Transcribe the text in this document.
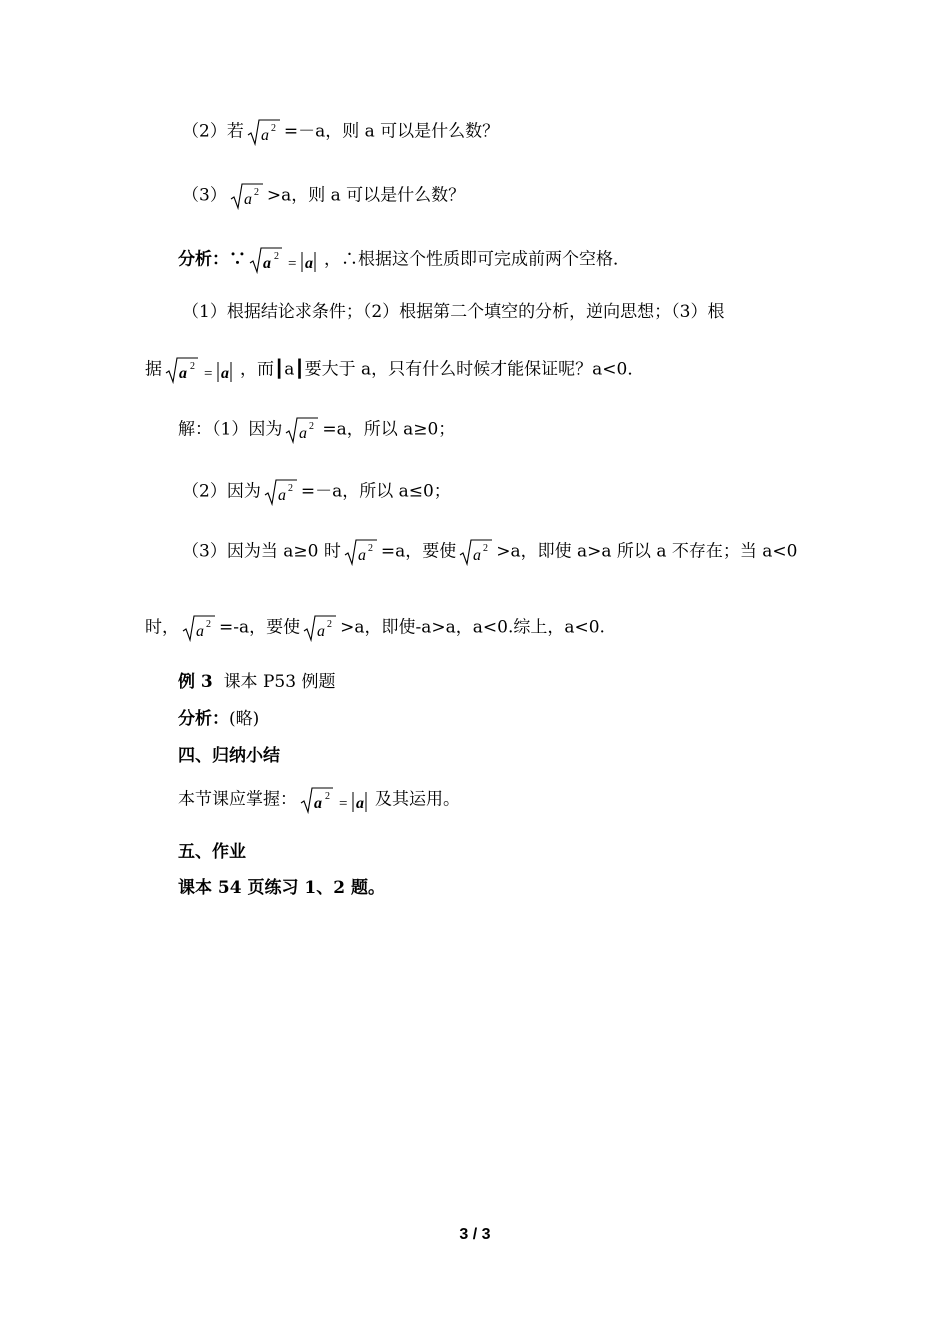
（2）若 a 2 =－a，则 a 可以是什么数？
（3） a 2 >a，则 a 可以是什么数？
分析：∵ a 2 = a ，∴根据这个性质即可完成前两个空格．
（1）根据结论求条件；（2）根据第二个填空的分析，逆向思想；（3）根
据 a 2 = a ，而┃a┃要大于 a，只有什么时候才能保证呢？a<0．
解：（1）因为 a 2 =a，所以 a≥0；
（2）因为 a 2 =－a，所以 a≤0；
（3）因为当 a≥0 时 a 2 =a，要使 a 2 >a，即使 a>a 所以 a 不存在；当 a<0
时， a 2 =-a，要使 a 2 >a，即使-a>a，a<0.综上，a<0.
例 3 课本 P53 例题
分析：(略)
四、归纳小结
本节课应掌握： a 2 = a 及其运用。
五、作业
课本 54 页练习 1、2 题。
3 / 3
